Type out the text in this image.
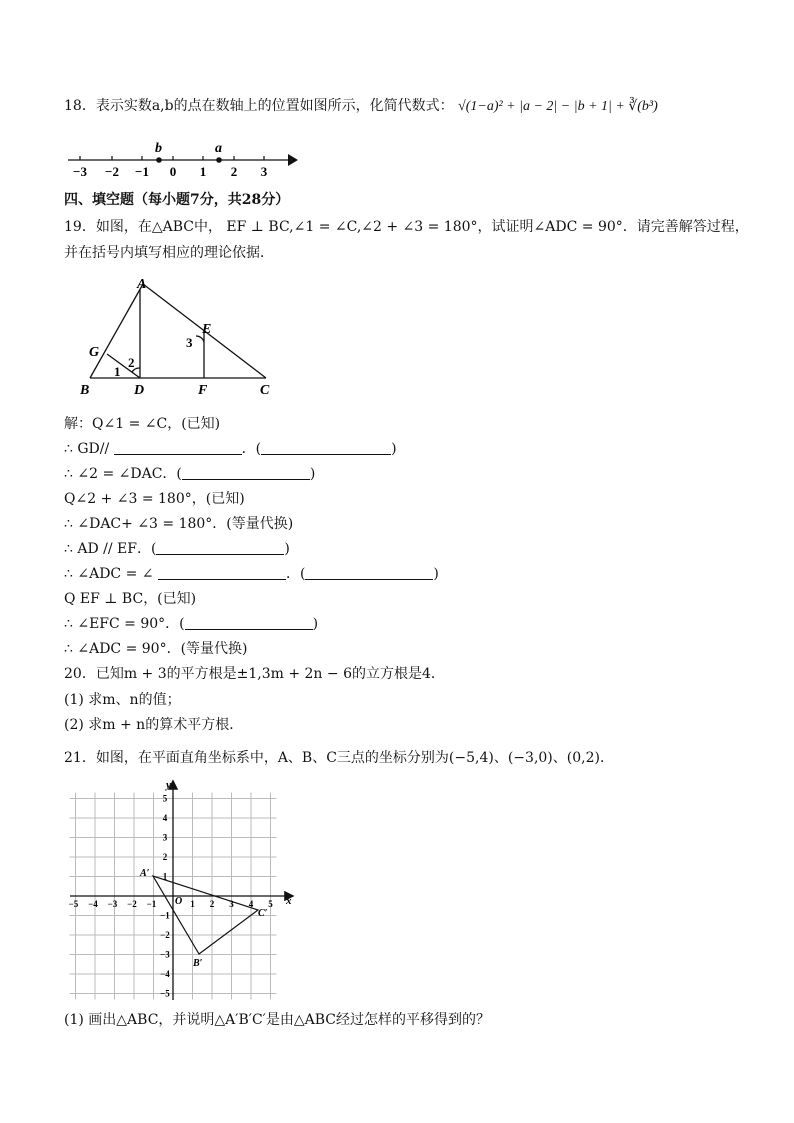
18．表示实数a,b的点在数轴上的位置如图所示，化简代数式： √(1−a)² + |a − 2| − |b + 1| + ∛(b³)
b	a
−3 −2 −1 0 1 2 3
四、填空题（每小题7分，共28分）
19．如图，在△ABC中， EF ⊥ BC,∠1 = ∠C,∠2 + ∠3 = 180°，试证明∠ADC = 90°．请完善解答过程，
并在括号内填写相应的理论依据．
A
E
G
B	D	F	C
1
2
3
解：Q∠1 = ∠C，(已知)
∴ GD//	．(	)
∴ ∠2 = ∠DAC．(	)
Q∠2 + ∠3 = 180°，(已知)
∴ ∠DAC+ ∠3 = 180°．(等量代换)
∴ AD // EF．(	)
∴ ∠ADC = ∠	．(	)
Q EF ⊥ BC，(已知)
∴ ∠EFC = 90°．(	)
∴ ∠ADC = 90°．(等量代换)
20．已知m + 3的平方根是±1,3m + 2n − 6的立方根是4．
(1) 求m、n的值；
(2) 求m + n的算术平方根．
21．如图，在平面直角坐标系中，A、B、C三点的坐标分别为(−5,4)、(−3,0)、(0,2)．
−5 −4 −3 −2 −1	1 2 3 4 5
5
4
3
2
1
−1
−2
−3
−4
−5
O	x
y
A′
B′
C′
(1) 画出△ABC，并说明△A′B′C′是由△ABC经过怎样的平移得到的？
